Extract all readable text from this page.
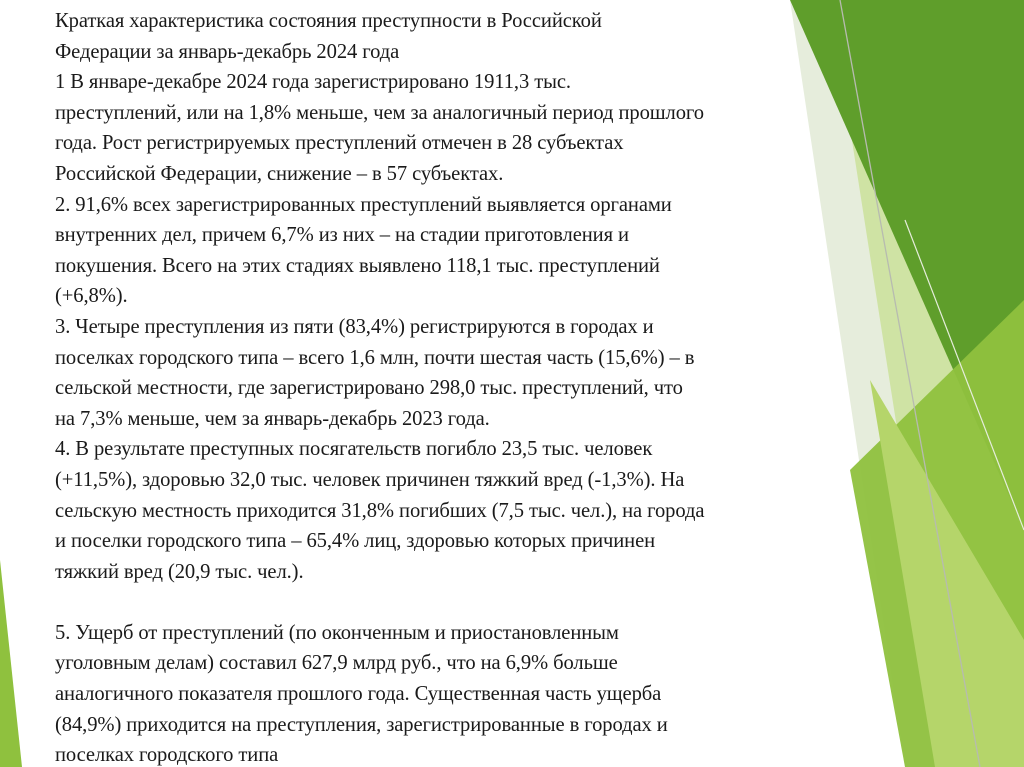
Краткая характеристика состояния преступности в Российской
Федерации за январь-декабрь 2024 года
1 В январе-декабре 2024 года зарегистрировано 1911,3 тыс.
преступлений, или на 1,8% меньше, чем за аналогичный период прошлого
года. Рост регистрируемых преступлений отмечен в 28 субъектах
Российской Федерации, снижение – в 57 субъектах.
2. 91,6% всех зарегистрированных преступлений выявляется органами
внутренних дел, причем 6,7% из них – на стадии приготовления и
покушения. Всего на этих стадиях выявлено 118,1 тыс. преступлений
(+6,8%).
3. Четыре преступления из пяти (83,4%) регистрируются в городах и
поселках городского типа – всего 1,6 млн, почти шестая часть (15,6%) – в
сельской местности, где зарегистрировано 298,0 тыс. преступлений, что
на 7,3% меньше, чем за январь-декабрь 2023 года.
4. В результате преступных посягательств погибло 23,5 тыс. человек
(+11,5%), здоровью 32,0 тыс. человек причинен тяжкий вред (-1,3%). На
сельскую местность приходится 31,8% погибших (7,5 тыс. чел.), на города
и поселки городского типа – 65,4% лиц, здоровью которых причинен
тяжкий вред (20,9 тыс. чел.).
5. Ущерб от преступлений (по оконченным и приостановленным
уголовным делам) составил 627,9 млрд руб., что на 6,9% больше
аналогичного показателя прошлого года. Существенная часть ущерба
(84,9%) приходится на преступления, зарегистрированные в городах и
поселках городского типа
